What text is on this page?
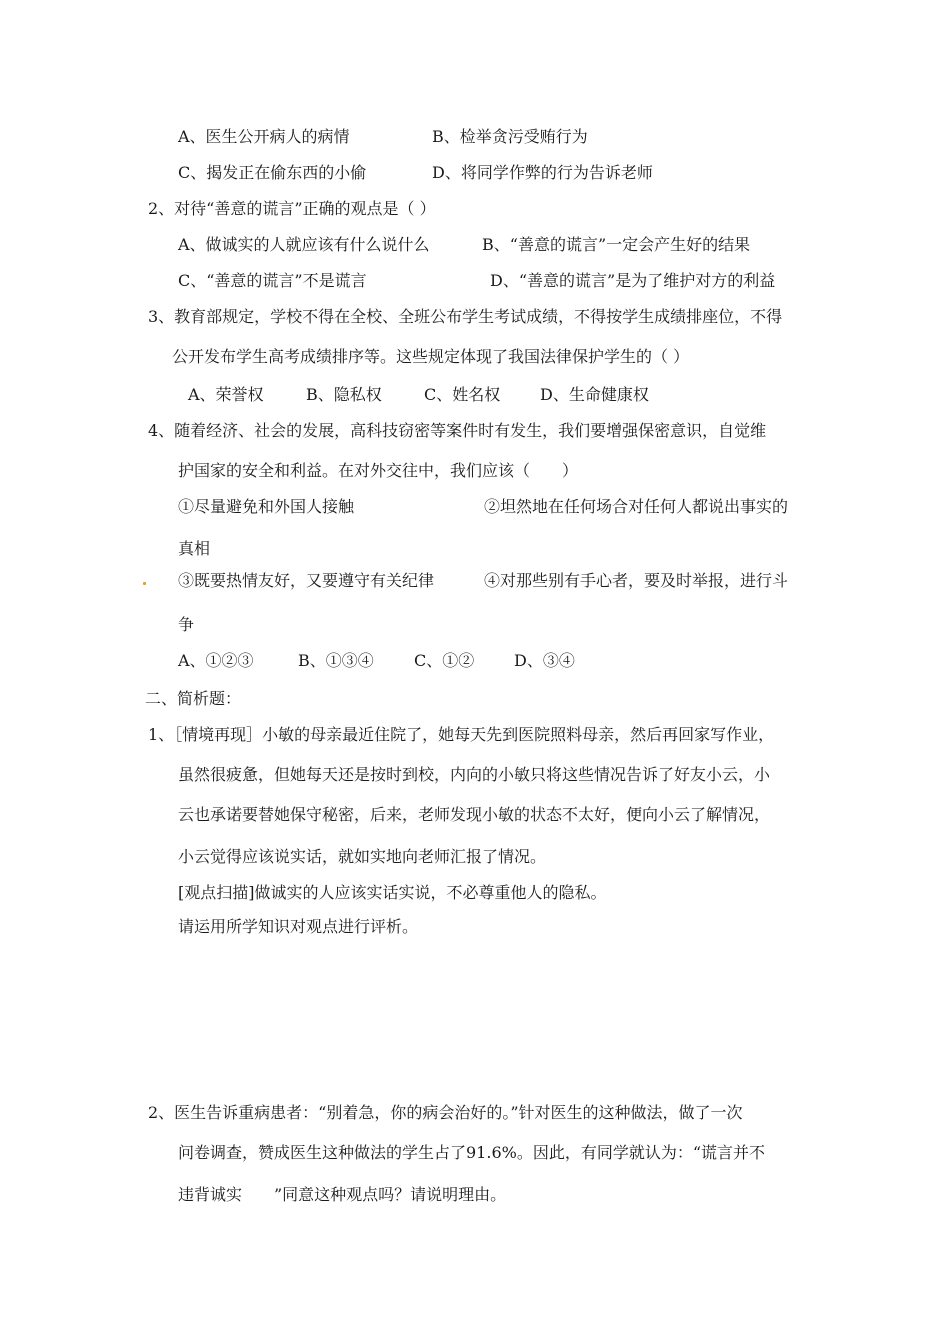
A、医生公开病人的病情	B、检举贪污受贿行为
C、揭发正在偷东西的小偷	D、将同学作弊的行为告诉老师
2、对待“善意的谎言”正确的观点是（ ）
A、做诚实的人就应该有什么说什么	B、“善意的谎言”一定会产生好的结果
C、“善意的谎言”不是谎言	D、“善意的谎言”是为了维护对方的利益
3、教育部规定，学校不得在全校、全班公布学生考试成绩，不得按学生成绩排座位，不得
公开发布学生高考成绩排序等。这些规定体现了我国法律保护学生的（ ）
A、荣誉权	B、隐私权	C、姓名权 D、生命健康权
4、随着经济、社会的发展，高科技窃密等案件时有发生，我们要增强保密意识，自觉维
护国家的安全和利益。在对外交往中，我们应该（　　）
①尽量避免和外国人接触	②坦然地在任何场合对任何人都说出事实的
真相
③既要热情友好，又要遵守有关纪律	④对那些别有手心者，要及时举报，进行斗
争
A、①②③	B、①③④	C、①② D、③④
二、简析题：
1、［情境再现］小敏的母亲最近住院了，她每天先到医院照料母亲，然后再回家写作业，
虽然很疲惫，但她每天还是按时到校，内向的小敏只将这些情况告诉了好友小云，小
云也承诺要替她保守秘密，后来，老师发现小敏的状态不太好，便向小云了解情况，
小云觉得应该说实话，就如实地向老师汇报了情况。
[观点扫描]做诚实的人应该实话实说，不必尊重他人的隐私。
请运用所学知识对观点进行评析。
2、医生告诉重病患者：“别着急，你的病会治好的。”针对医生的这种做法，做了一次
问卷调查，赞成医生这种做法的学生占了91.6%。因此，有同学就认为：“谎言并不
违背诚实　　”同意这种观点吗？请说明理由。
